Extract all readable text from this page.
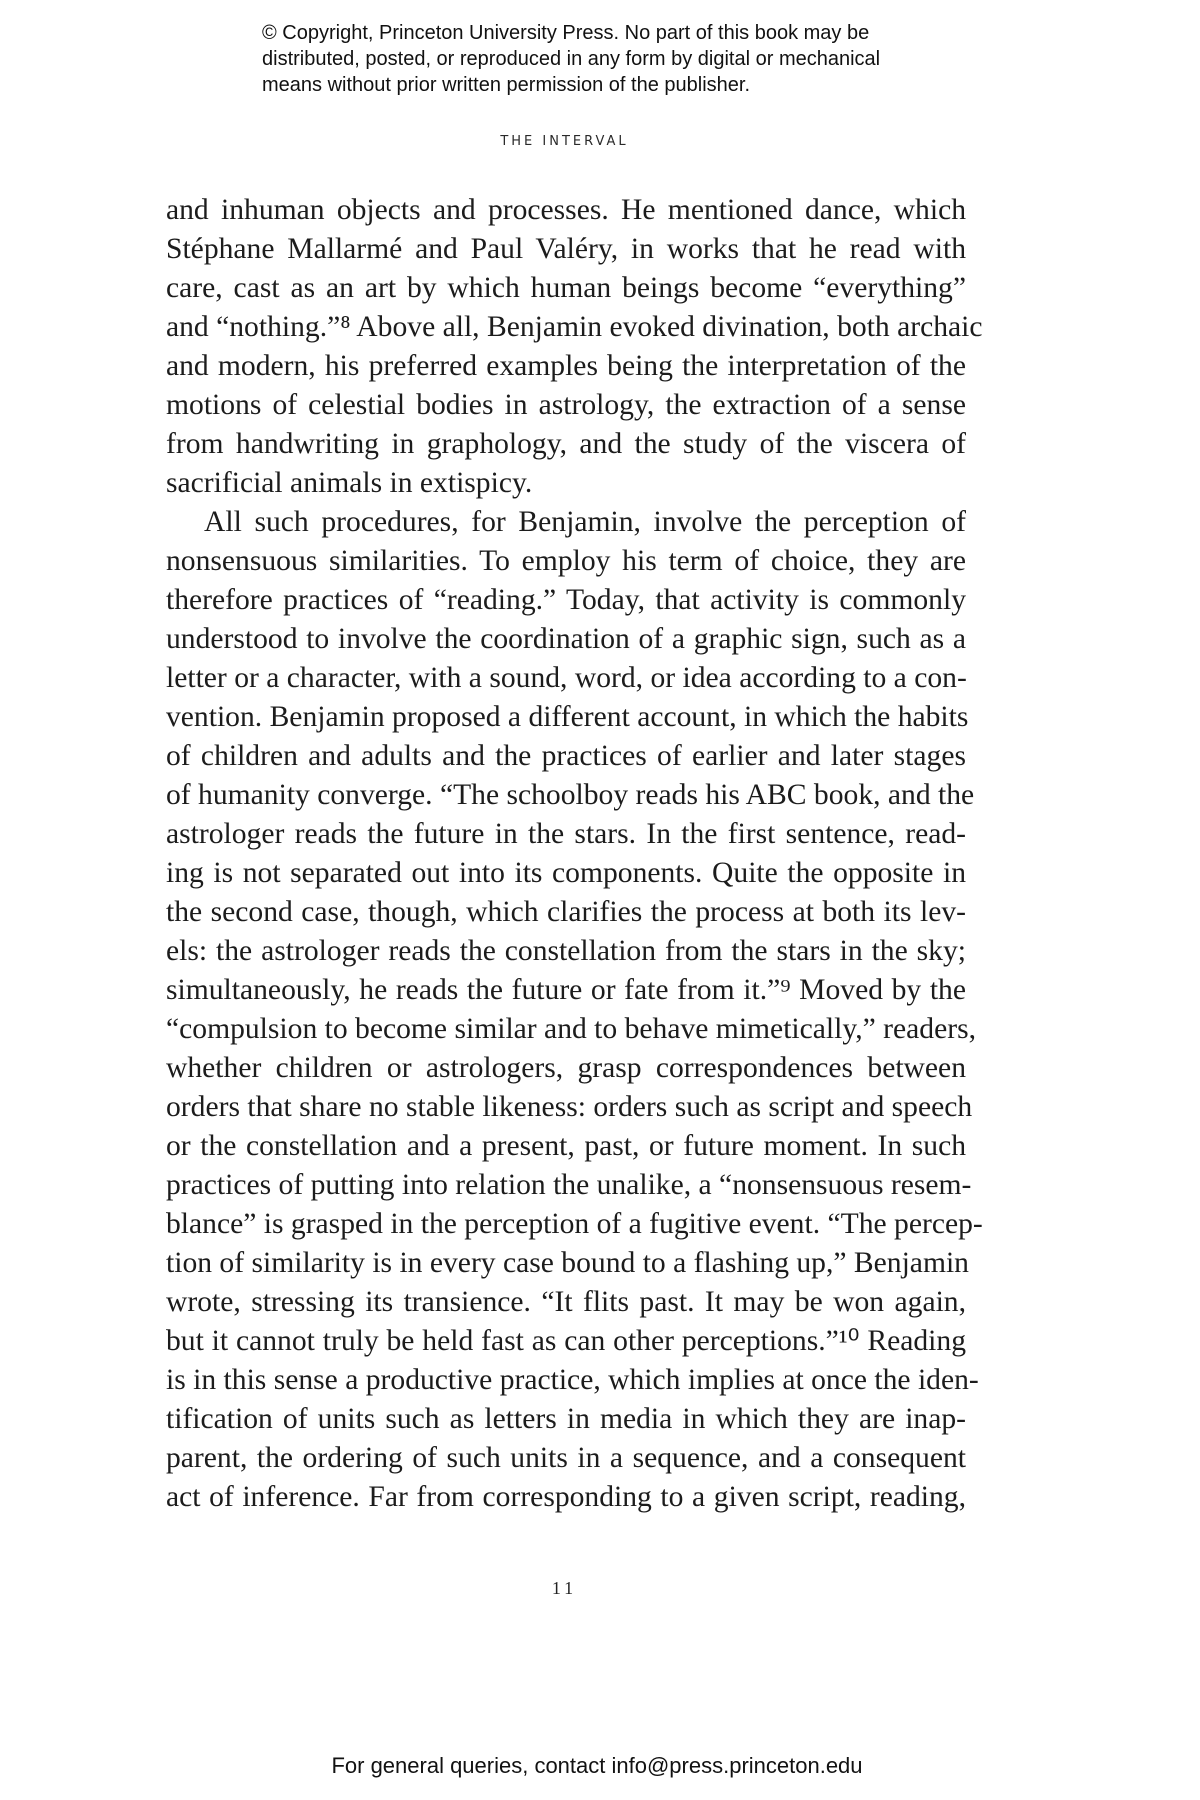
© Copyright, Princeton University Press. No part of this book may be
distributed, posted, or reproduced in any form by digital or mechanical
means without prior written permission of the publisher.
THE INTERVAL
and inhuman objects and processes. He mentioned dance, which
Stéphane Mallarmé and Paul Valéry, in works that he read with
care, cast as an art by which human beings become “everything”
and “nothing.”⁸ Above all, Benjamin evoked divination, both archaic
and modern, his preferred examples being the interpretation of the
motions of celestial bodies in astrology, the extraction of a sense
from handwriting in graphology, and the study of the viscera of
sacrificial animals in extispicy.
All such procedures, for Benjamin, involve the perception of
nonsensuous similarities. To employ his term of choice, they are
therefore practices of “reading.” Today, that activity is commonly
understood to involve the coordination of a graphic sign, such as a
letter or a character, with a sound, word, or idea according to a con-
vention. Benjamin proposed a different account, in which the habits
of children and adults and the practices of earlier and later stages
of humanity converge. “The schoolboy reads his ABC book, and the
astrologer reads the future in the stars. In the first sentence, read-
ing is not separated out into its components. Quite the opposite in
the second case, though, which clarifies the process at both its lev-
els: the astrologer reads the constellation from the stars in the sky;
simultaneously, he reads the future or fate from it.”⁹ Moved by the
“compulsion to become similar and to behave mimetically,” readers,
whether children or astrologers, grasp correspondences between
orders that share no stable likeness: orders such as script and speech
or the constellation and a present, past, or future moment. In such
practices of putting into relation the unalike, a “nonsensuous resem-
blance” is grasped in the perception of a fugitive event. “The percep-
tion of similarity is in every case bound to a flashing up,” Benjamin
wrote, stressing its transience. “It flits past. It may be won again,
but it cannot truly be held fast as can other perceptions.”¹⁰ Reading
is in this sense a productive practice, which implies at once the iden-
tification of units such as letters in media in which they are inap-
parent, the ordering of such units in a sequence, and a consequent
act of inference. Far from corresponding to a given script, reading,
11
For general queries, contact info@press.princeton.edu
